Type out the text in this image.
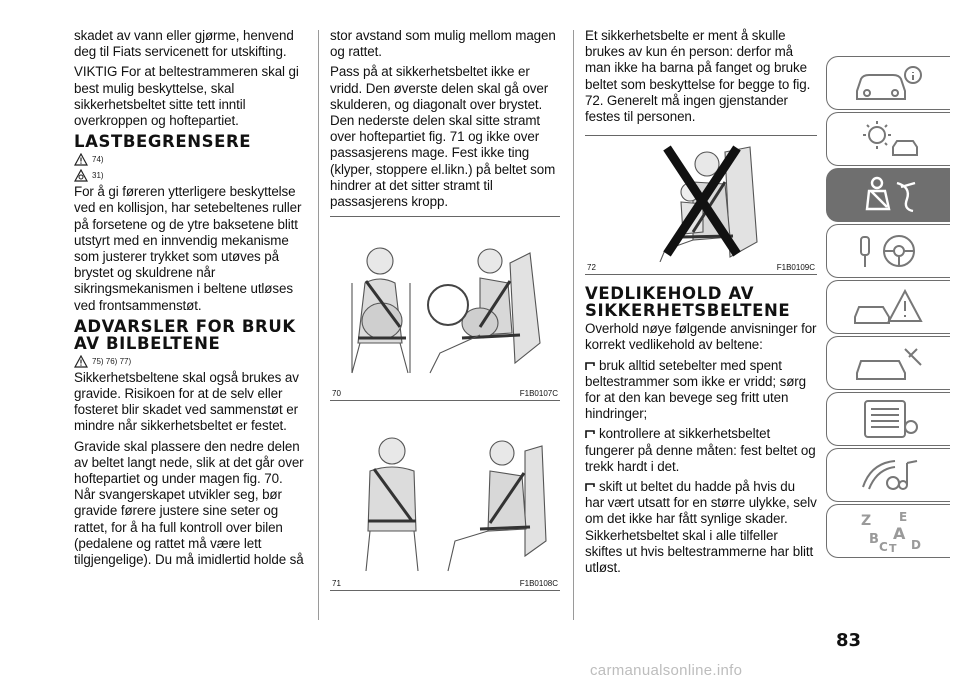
skadet av vann eller gjørme, henvend deg til Fiats servicenett for utskifting.

VIKTIG For at beltestrammeren skal gi best mulig beskyttelse, skal sikkerhetsbeltet sitte tett inntil overkroppen og hoftepartiet.

LASTBEGRENSERE
74)
31)

For å gi føreren ytterligere beskyttelse ved en kollisjon, har setebeltenes ruller på forsetene og de ytre baksetene blitt utstyrt med en innvendig mekanisme som justerer trykket som utøves på brystet og skuldrene når sikringsmekanismen i beltene utløses ved frontsammenstøt.

ADVARSLER FOR BRUK AV BILBELTENE
75) 76) 77)

Sikkerhetsbeltene skal også brukes av gravide. Risikoen for at de selv eller fosteret blir skadet ved sammenstøt er mindre når sikkerhetsbeltet er festet.

Gravide skal plassere den nedre delen av beltet langt nede, slik at det går over hoftepartiet og under magen fig. 70. Når svangerskapet utvikler seg, bør gravide førere justere sine seter og rattet, for å ha full kontroll over bilen (pedalene og rattet må være lett tilgjengelige). Du må imidlertid holde så

stor avstand som mulig mellom magen og rattet.

Pass på at sikkerhetsbeltet ikke er vridd. Den øverste delen skal gå over skulderen, og diagonalt over brystet. Den nederste delen skal sitte stramt over hoftepartiet fig. 71 og ikke over passasjerens mage. Fest ikke ting (klyper, stoppere el.likn.) på beltet som hindrer at det sitter stramt til passasjerens kropp.

70	F1B0107C
71	F1B0108C

Et sikkerhetsbelte er ment å skulle brukes av kun én person: derfor må man ikke ha barna på fanget og bruke beltet som beskyttelse for begge to fig. 72. Generelt må ingen gjenstander festes til personen.

72	F1B0109C
VEDLIKEHOLD AV SIKKERHETSBELTENE

Overhold nøye følgende anvisninger for korrekt vedlikehold av beltene:

bruk alltid setebelter med spent beltestrammer som ikke er vridd; sørg for at den kan bevege seg fritt uten hindringer;

kontrollere at sikkerhetsbeltet fungerer på denne måten: fest beltet og trekk hardt i det.

skift ut beltet du hadde på hvis du har vært utsatt for en større ulykke, selv om det ikke har fått synlige skader. Sikkerhetsbeltet skal i alle tilfeller skiftes ut hvis beltestrammerne har blitt utløst.

Z E
B A
C T D
83
carmanualsonline.info
